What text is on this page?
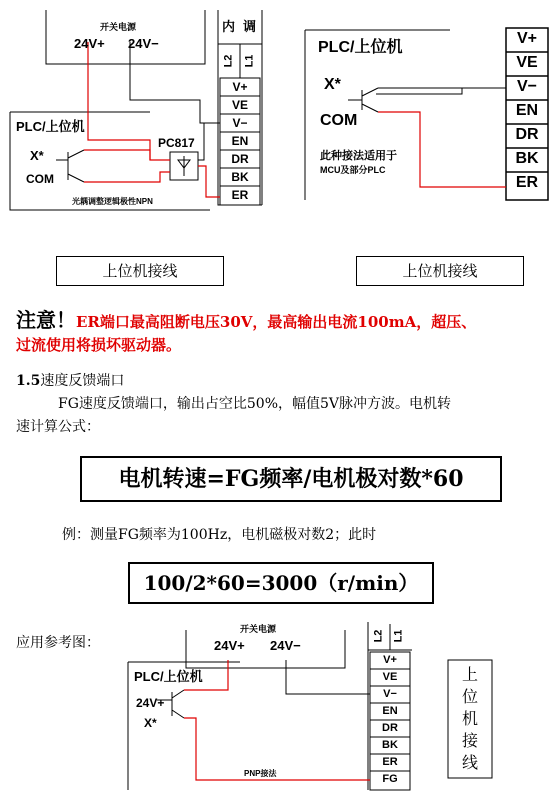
开关电源
24V+ 24V−
调
内
L2 L1
PLC/上位机
X*
COM
PC817
光耦调整逻辑极性NPN
V+
VE
V−
EN
DR
BK
ER
PLC/上位机
X*
COM
此种接法适用于
MCU及部分PLC
V+
VE
V−
EN
DR
BK
ER
上位机接线	上位机接线
注意！ER端口最高阻断电压30V，最高输出电流100mA，超压、
过流使用将损坏驱动器。
1.5速度反馈端口
FG速度反馈端口，输出占空比50%，幅值5V脉冲方波。电机转
速计算公式：
电机转速=FG频率/电机极对数*60
例：测量FG频率为100Hz，电机磁极对数2；此时
100/2*60=3000（r/min）
应用参考图：
开关电源
24V+ 24V−
L2 L1
PLC/上位机
24V+
X*
PNP接法
V+
VE
V−
EN
DR
BK
ER
FG
上
位
机
接
线
